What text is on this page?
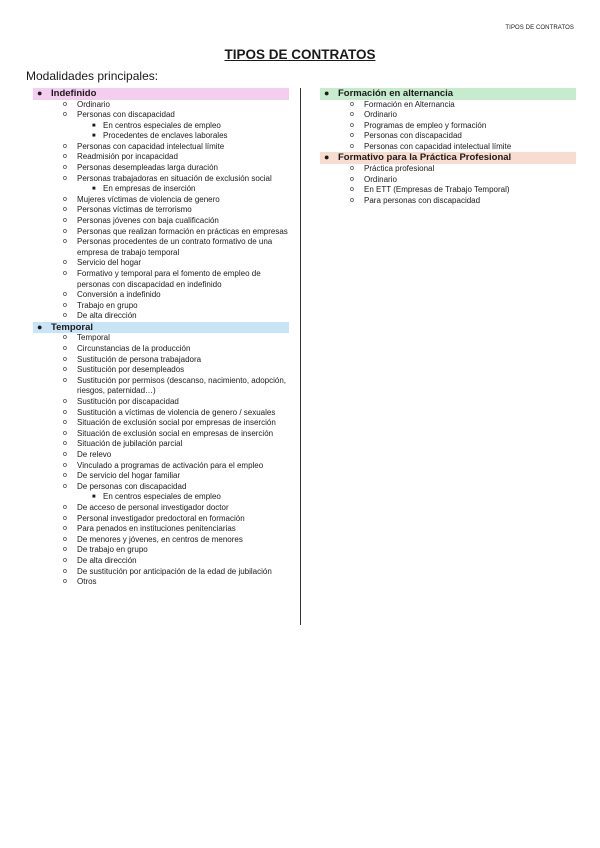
TIPOS DE CONTRATOS
TIPOS DE CONTRATOS
Modalidades principales:
● Indefinido
o Ordinario
o Personas con discapacidad
■ En centros especiales de empleo
■ Procedentes de enclaves laborales
o Personas con capacidad intelectual límite
o Readmisión por incapacidad
o Personas desempleadas larga duración
o Personas trabajadoras en situación de exclusión social
■ En empresas de inserción
o Mujeres víctimas de violencia de genero
o Personas víctimas de terrorismo
o Personas jóvenes con baja cualificación
o Personas que realizan formación en prácticas en empresas
o Personas procedentes de un contrato formativo de una empresa de trabajo temporal
o Servicio del hogar
o Formativo y temporal para el fomento de empleo de personas con discapacidad en indefinido
o Conversión a indefinido
o Trabajo en grupo
o De alta dirección
● Temporal
o Temporal
o Circunstancias de la producción
o Sustitución de persona trabajadora
o Sustitución por desempleados
o Sustitución por permisos (descanso, nacimiento, adopción, riesgos, paternidad…)
o Sustitución por discapacidad
o Sustitución a víctimas de violencia de genero / sexuales
o Situación de exclusión social por empresas de inserción
o Situación de exclusión social en empresas de inserción
o Situación de jubilación parcial
o De relevo
o Vinculado a programas de activación para el empleo
o De servicio del hogar familiar
o De personas con discapacidad
■ En centros especiales de empleo
o De acceso de personal investigador doctor
o Personal investigador predoctoral en formación
o Para penados en instituciones penitenciarias
o De menores y jóvenes, en centros de menores
o De trabajo en grupo
o De alta dirección
o De sustitución por anticipación de la edad de jubilación
o Otros
● Formación en alternancia
o Formación en Alternancia
o Ordinario
o Programas de empleo y formación
o Personas con discapacidad
o Personas con capacidad intelectual límite
● Formativo para la Práctica Profesional
o Práctica profesional
o Ordinario
o En ETT (Empresas de Trabajo Temporal)
o Para personas con discapacidad
